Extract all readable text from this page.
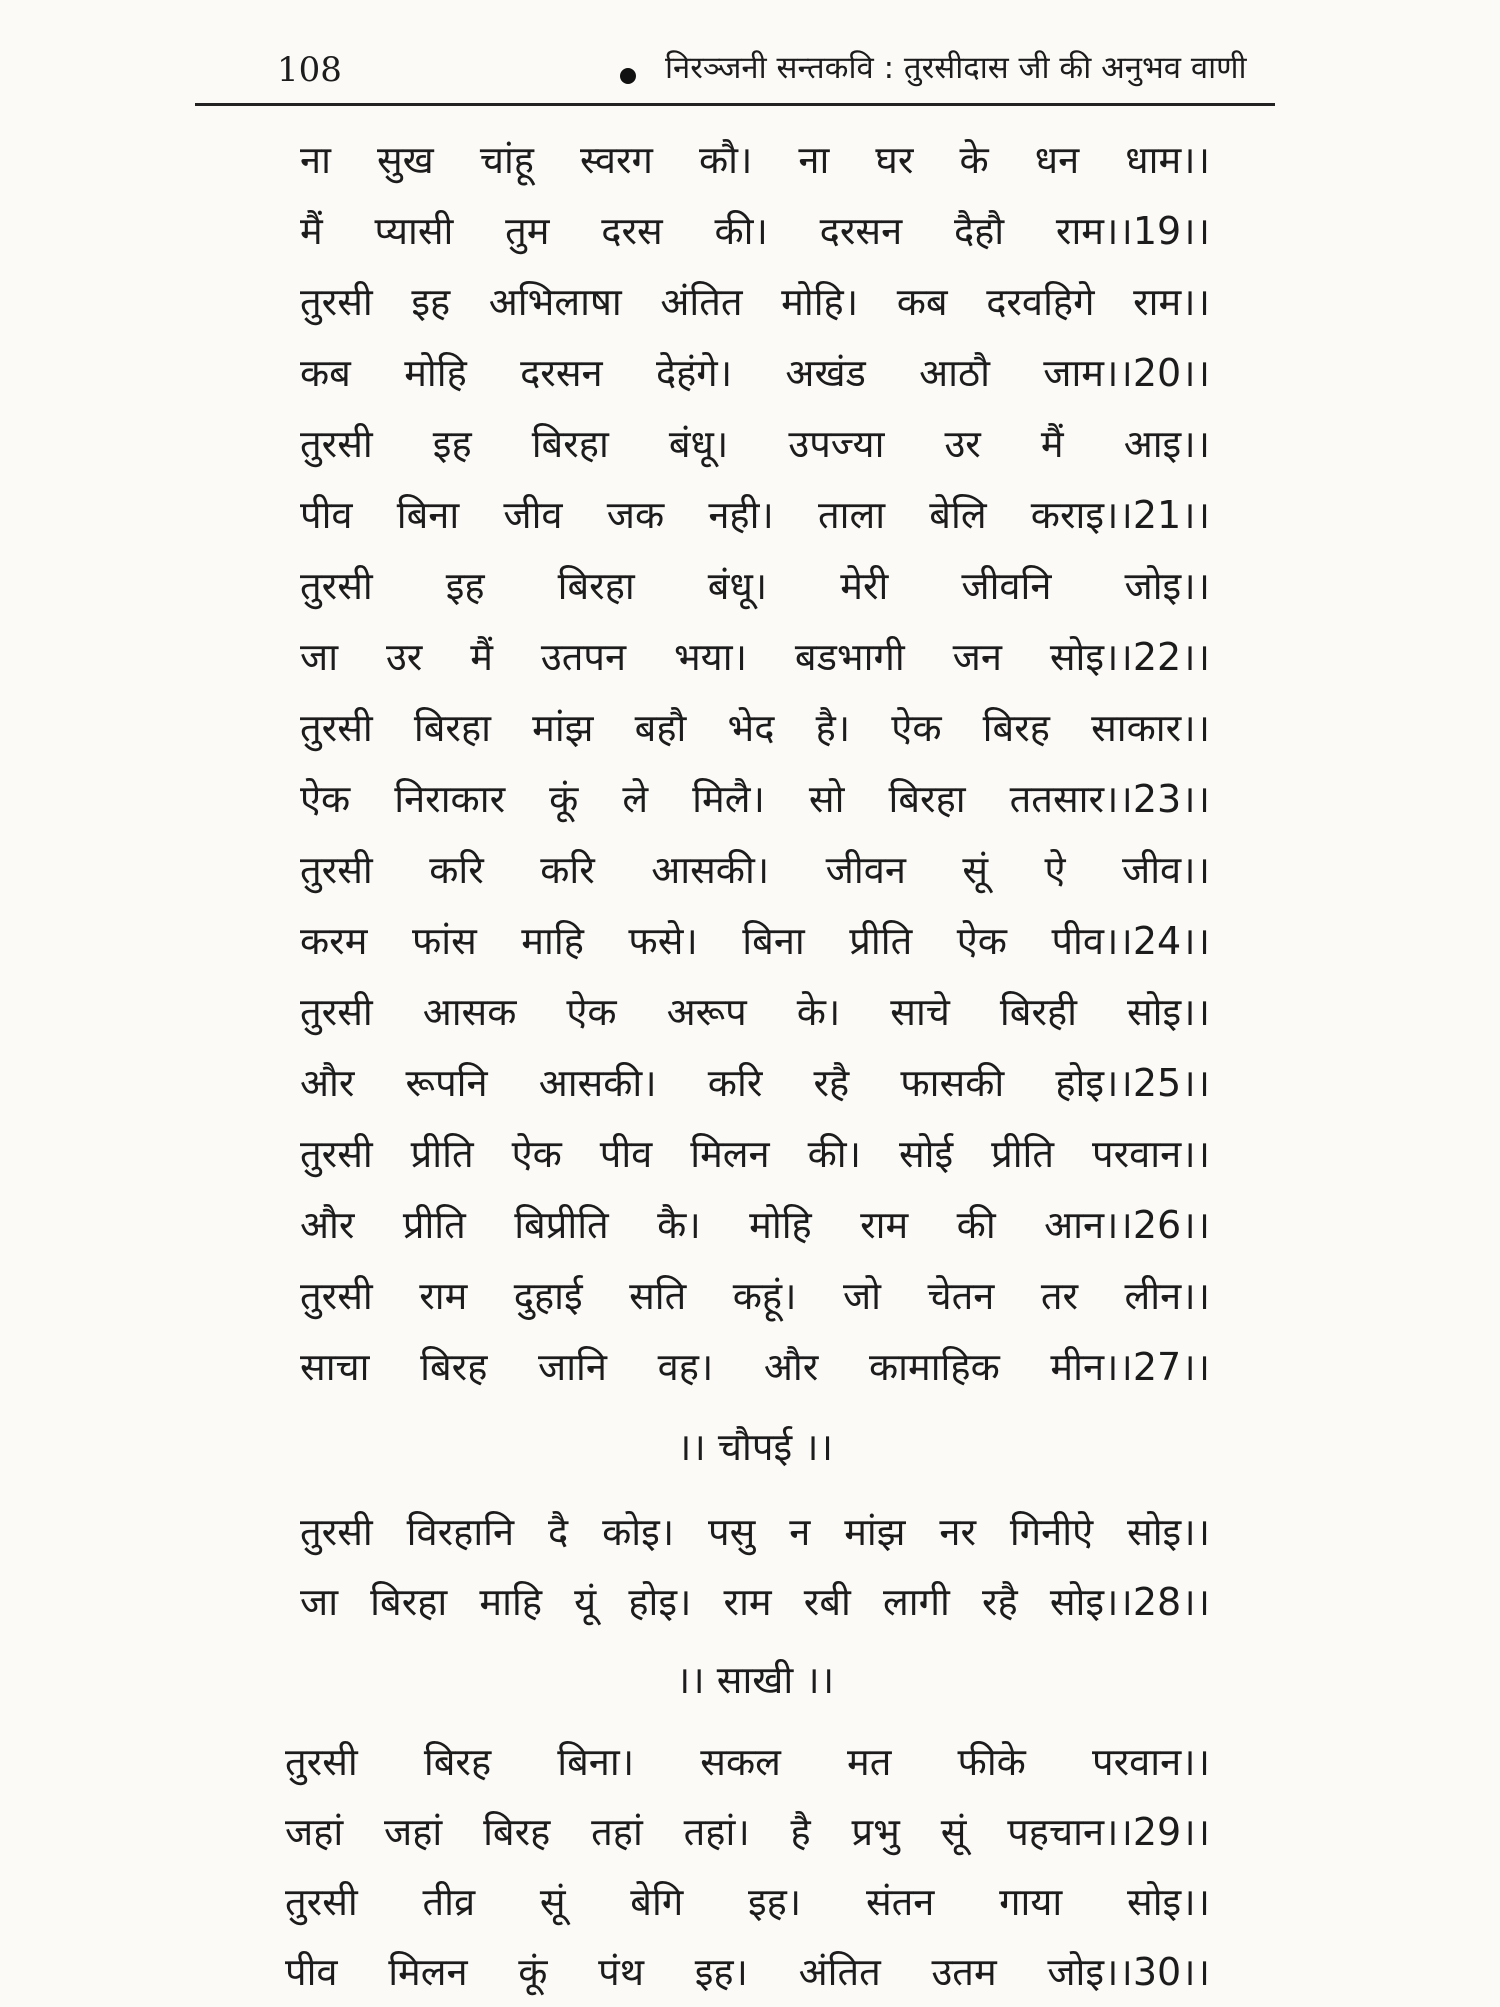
108	निरञ्जनी सन्तकवि : तुरसीदास जी की अनुभव वाणी
ना सुख चांहू स्वरग कौ। ना घर के धन धाम।।
मैं प्यासी तुम दरस की। दरसन दैहौ राम।।19।।
तुरसी इह अभिलाषा अंतित मोहि। कब दरवहिगे राम।।
कब मोहि दरसन देहंगे। अखंड आठौ जाम।।20।।
तुरसी इह बिरहा बंधू। उपज्या उर मैं आइ।।
पीव बिना जीव जक नही। ताला बेलि कराइ।।21।।
तुरसी इह बिरहा बंधू। मेरी जीवनि जोइ।।
जा उर मैं उतपन भया। बडभागी जन सोइ।।22।।
तुरसी बिरहा मांझ बहौ भेद है। ऐक बिरह साकार।।
ऐक निराकार कूं ले मिलै। सो बिरहा ततसार।।23।।
तुरसी करि करि आसकी। जीवन सूं ऐ जीव।।
करम फांस माहि फसे। बिना प्रीति ऐक पीव।।24।।
तुरसी आसक ऐक अरूप के। साचे बिरही सोइ।।
और रूपनि आसकी। करि रहै फासकी होइ।।25।।
तुरसी प्रीति ऐक पीव मिलन की। सोई प्रीति परवान।।
और प्रीति बिप्रीति कै। मोहि राम की आन।।26।।
तुरसी राम दुहाई सति कहूं। जो चेतन तर लीन।।
साचा बिरह जानि वह। और कामाहिक मीन।।27।।
।। चौपई ।।
तुरसी विरहानि दै कोइ। पसु न मांझ नर गिनीऐ सोइ।।
जा बिरहा माहि यूं होइ। राम रबी लागी रहै सोइ।।28।।
।। साखी ।।
तुरसी बिरह बिना। सकल मत फीके परवान।।
जहां जहां बिरह तहां तहां। है प्रभु सूं पहचान।।29।।
तुरसी तीव्र सूं बेगि इह। संतन गाया सोइ।।
पीव मिलन कूं पंथ इह। अंतित उतम जोइ।।30।।
